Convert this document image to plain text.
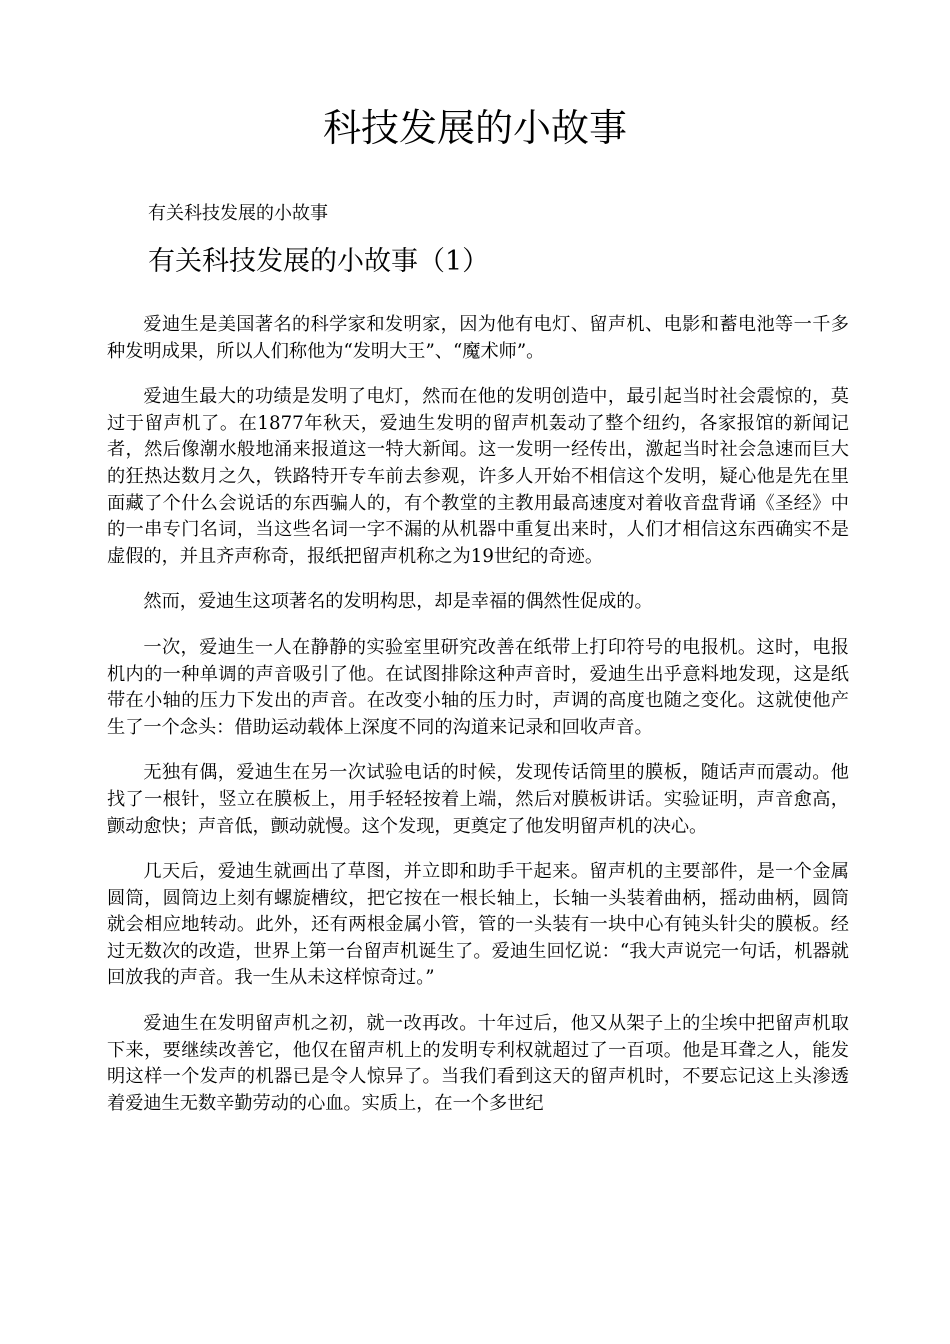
科技发展的小故事

有关科技发展的小故事

有关科技发展的小故事（1）

爱迪生是美国著名的科学家和发明家，因为他有电灯、留声机、电影和蓄电池等一千多种发明成果，所以人们称他为“发明大王”、“魔术师”。

爱迪生最大的功绩是发明了电灯，然而在他的发明创造中，最引起当时社会震惊的，莫过于留声机了。在1877年秋天，爱迪生发明的留声机轰动了整个纽约，各家报馆的新闻记者，然后像潮水般地涌来报道这一特大新闻。这一发明一经传出，激起当时社会急速而巨大的狂热达数月之久，铁路特开专车前去参观，许多人开始不相信这个发明，疑心他是先在里面藏了个什么会说话的东西骗人的，有个教堂的主教用最高速度对着收音盘背诵《圣经》中的一串专门名词，当这些名词一字不漏的从机器中重复出来时，人们才相信这东西确实不是虚假的，并且齐声称奇，报纸把留声机称之为19世纪的奇迹。

然而，爱迪生这项著名的发明构思，却是幸福的偶然性促成的。

一次，爱迪生一人在静静的实验室里研究改善在纸带上打印符号的电报机。这时，电报机内的一种单调的声音吸引了他。在试图排除这种声音时，爱迪生出乎意料地发现，这是纸带在小轴的压力下发出的声音。在改变小轴的压力时，声调的高度也随之变化。这就使他产生了一个念头：借助运动载体上深度不同的沟道来记录和回收声音。

无独有偶，爱迪生在另一次试验电话的时候，发现传话筒里的膜板，随话声而震动。他找了一根针，竖立在膜板上，用手轻轻按着上端，然后对膜板讲话。实验证明，声音愈高，颤动愈快；声音低，颤动就慢。这个发现，更奠定了他发明留声机的决心。

几天后，爱迪生就画出了草图，并立即和助手干起来。留声机的主要部件，是一个金属圆筒，圆筒边上刻有螺旋槽纹，把它按在一根长轴上，长轴一头装着曲柄，摇动曲柄，圆筒就会相应地转动。此外，还有两根金属小管，管的一头装有一块中心有钝头针尖的膜板。经过无数次的改造，世界上第一台留声机诞生了。爱迪生回忆说：“我大声说完一句话，机器就回放我的声音。我一生从未这样惊奇过。”

爱迪生在发明留声机之初，就一改再改。十年过后，他又从架子上的尘埃中把留声机取下来，要继续改善它，他仅在留声机上的发明专利权就超过了一百项。他是耳聋之人，能发明这样一个发声的机器已是令人惊异了。当我们看到这天的留声机时，不要忘记这上头渗透着爱迪生无数辛勤劳动的心血。实质上，在一个多世纪
